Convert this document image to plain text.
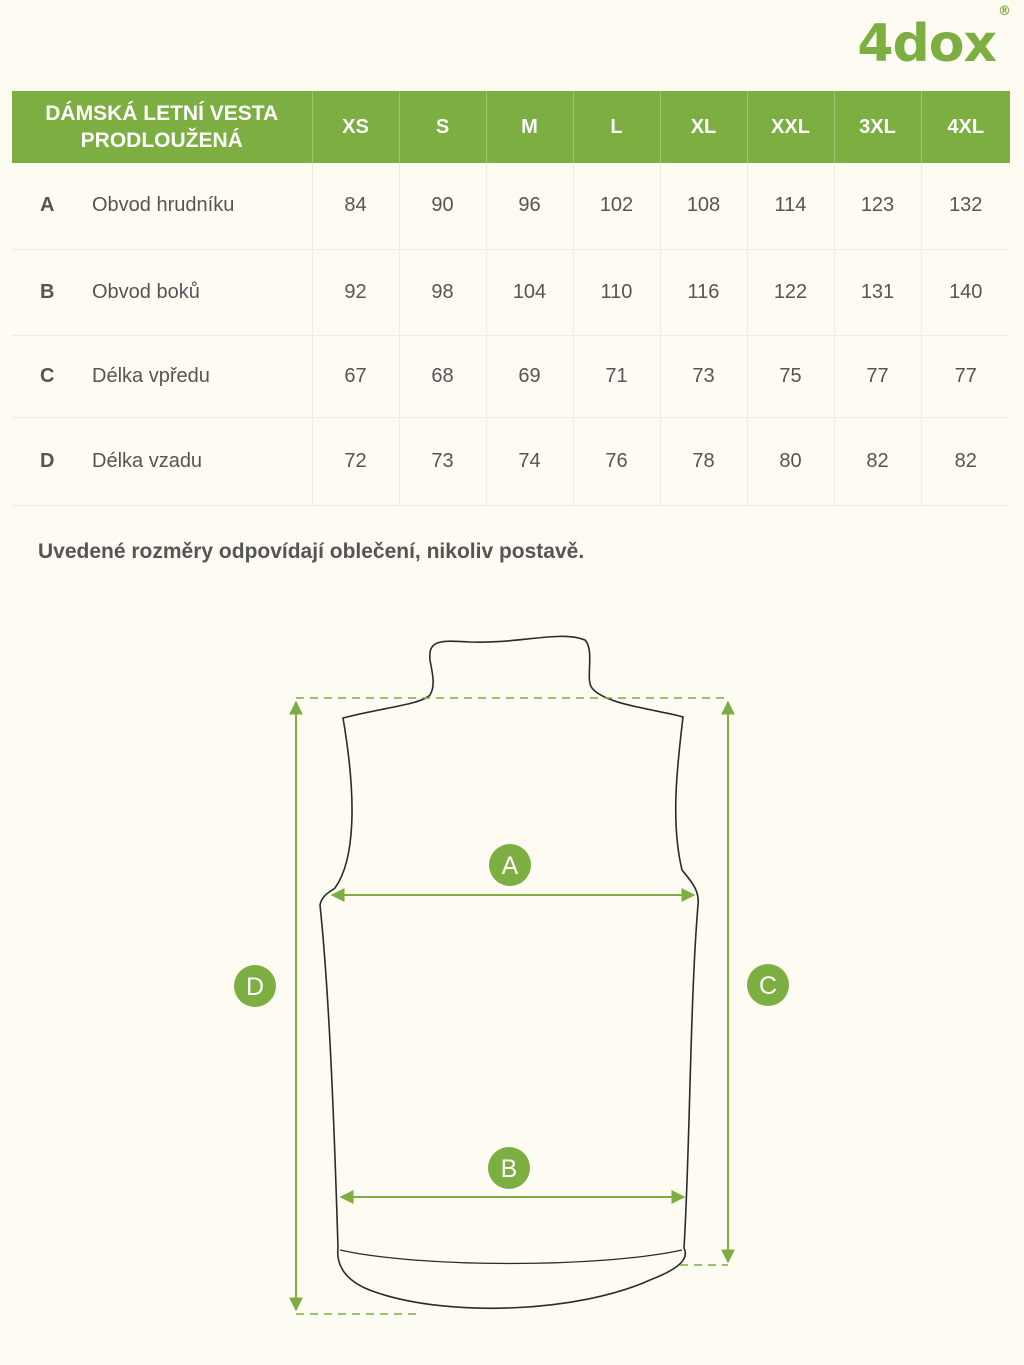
4dox®
DÁMSKÁ LETNÍ VESTA PRODLOUŽENÁ	XS	S	M	L	XL	XXL	3XL	4XL
A Obvod hrudníku	84	90	96	102	108	114	123	132
B Obvod boků	92	98	104	110	116	122	131	140
C Délka vpředu	67	68	69	71	73	75	77	77
D Délka vzadu	72	73	74	76	78	80	82	82
Uvedené rozměry odpovídají oblečení, nikoliv postavě.
A
B
C
D
